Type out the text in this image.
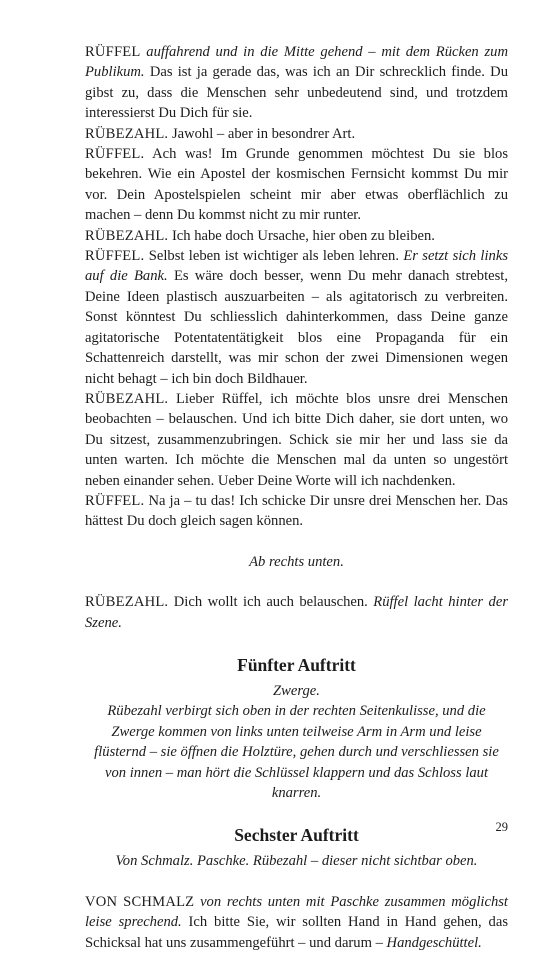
RÜFFEL auffahrend und in die Mitte gehend – mit dem Rücken zum Publikum. Das ist ja gerade das, was ich an Dir schrecklich finde. Du gibst zu, dass die Menschen sehr unbedeutend sind, und trotzdem interessierst Du Dich für sie.

RÜBEZAHL. Jawohl – aber in besondrer Art.

RÜFFEL. Ach was! Im Grunde genommen möchtest Du sie blos bekehren. Wie ein Apostel der kosmischen Fernsicht kommst Du mir vor. Dein Apostelspielen scheint mir aber etwas oberflächlich zu machen – denn Du kommst nicht zu mir runter.

RÜBEZAHL. Ich habe doch Ursache, hier oben zu bleiben.

RÜFFEL. Selbst leben ist wichtiger als leben lehren. Er setzt sich links auf die Bank. Es wäre doch besser, wenn Du mehr danach strebtest, Deine Ideen plastisch auszuarbeiten – als agitatorisch zu verbreiten. Sonst könntest Du schliesslich dahinterkommen, dass Deine ganze agitatorische Potentatentätigkeit blos eine Propaganda für ein Schattenreich darstellt, was mir schon der zwei Dimensionen wegen nicht behagt – ich bin doch Bildhauer.

RÜBEZAHL. Lieber Rüffel, ich möchte blos unsre drei Menschen beobachten – belauschen. Und ich bitte Dich daher, sie dort unten, wo Du sitzest, zusammenzubringen. Schick sie mir her und lass sie da unten warten. Ich möchte die Menschen mal da unten so ungestört neben einander sehen. Ueber Deine Worte will ich nachdenken.

RÜFFEL. Na ja – tu das! Ich schicke Dir unsre drei Menschen her. Das hättest Du doch gleich sagen können.

Ab rechts unten.

RÜBEZAHL. Dich wollt ich auch belauschen. Rüffel lacht hinter der Szene.

Fünfter Auftritt

Zwerge.

Rübezahl verbirgt sich oben in der rechten Seitenkulisse, und die Zwerge kommen von links unten teilweise Arm in Arm und leise flüsternd – sie öffnen die Holztüre, gehen durch und verschliessen sie von innen – man hört die Schlüssel klappern und das Schloss laut knarren.

Sechster Auftritt

Von Schmalz. Paschke. Rübezahl – dieser nicht sichtbar oben.

VON SCHMALZ von rechts unten mit Paschke zusammen möglichst leise sprechend. Ich bitte Sie, wir sollten Hand in Hand gehen, das Schicksal hat uns zusammengeführt – und darum – Handgeschüttel.

29
